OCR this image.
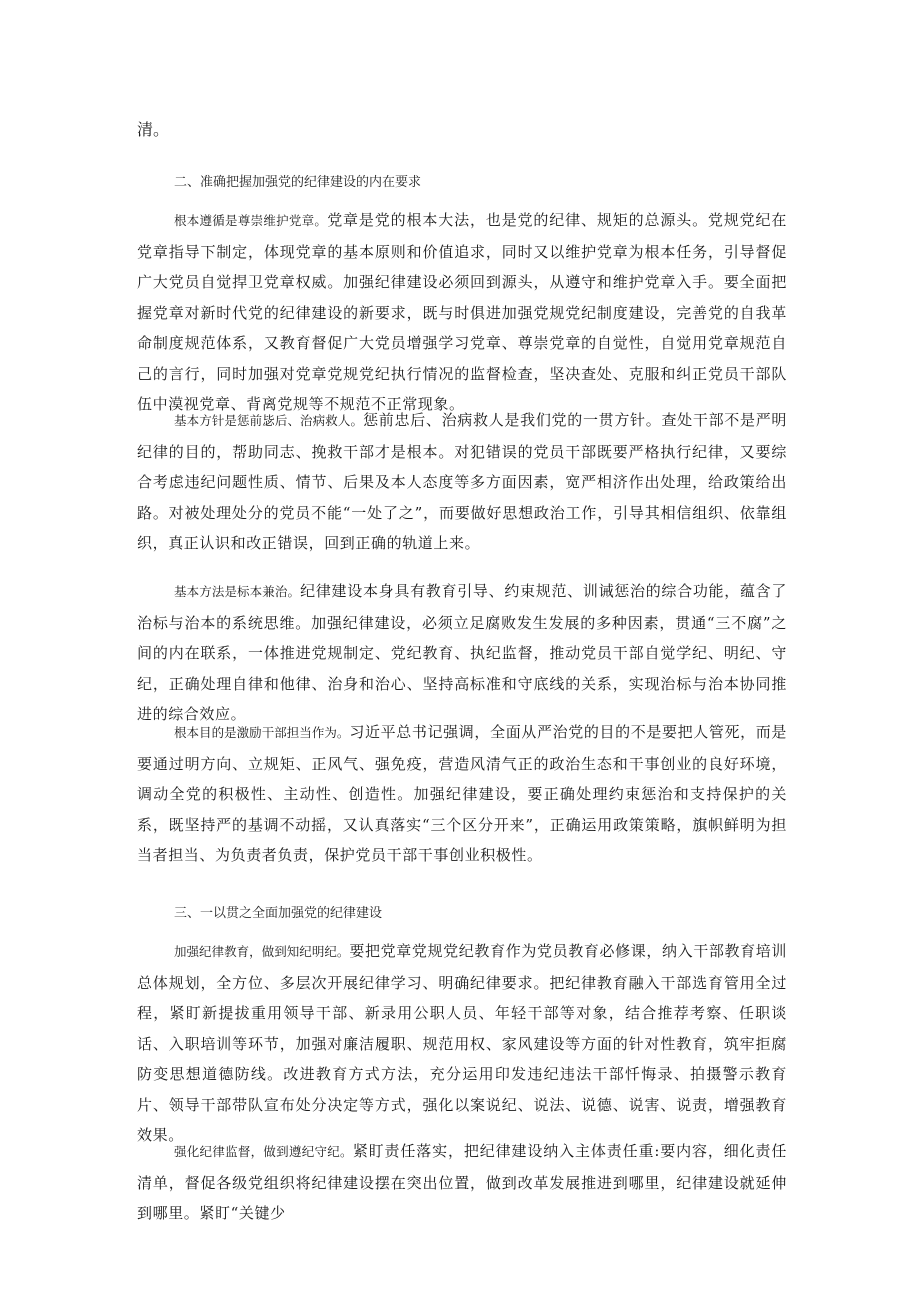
清。
二、准确把握加强党的纪律建设的内在要求

根本遵循是尊崇维护党章。党章是党的根本大法，也是党的纪律、规矩的总源头。党规党纪在党章指导下制定，体现党章的基本原则和价值追求，同时又以维护党章为根本任务，引导督促广大党员自觉捍卫党章权威。加强纪律建设必须回到源头，从遵守和维护党章入手。要全面把握党章对新时代党的纪律建设的新要求，既与时俱进加强党规党纪制度建设，完善党的自我革命制度规范体系，又教育督促广大党员增强学习党章、尊崇党章的自觉性，自觉用党章规范自己的言行，同时加强对党章党规党纪执行情况的监督检查，坚决查处、克服和纠正党员干部队伍中漠视党章、背离党规等不规范不正常现象。

基本方针是惩前毖后、治病救人。惩前忠后、治病救人是我们党的一贯方针。查处干部不是严明纪律的目的，帮助同志、挽救干部才是根本。对犯错误的党员干部既要严格执行纪律，又要综合考虑违纪问题性质、情节、后果及本人态度等多方面因素，宽严相济作出处理，给政策给出路。对被处理处分的党员不能“一处了之”，而要做好思想政治工作，引导其相信组织、依靠组织，真正认识和改正错误，回到正确的轨道上来。

基本方法是标本兼治。纪律建设本身具有教育引导、约束规范、训诫惩治的综合功能，蕴含了治标与治本的系统思维。加强纪律建设，必须立足腐败发生发展的多种因素，贯通“三不腐”之间的内在联系，一体推进党规制定、党纪教育、执纪监督，推动党员干部自觉学纪、明纪、守纪，正确处理自律和他律、治身和治心、坚持高标准和守底线的关系，实现治标与治本协同推进的综合效应。

根本目的是激励干部担当作为。习近平总书记强调，全面从严治党的目的不是要把人管死，而是要通过明方向、立规矩、正风气、强免疫，营造风清气正的政治生态和干事创业的良好环境，调动全党的积极性、主动性、创造性。加强纪律建设，要正确处理约束惩治和支持保护的关系，既坚持严的基调不动摇，又认真落实“三个区分开来”，正确运用政策策略，旗帜鲜明为担当者担当、为负责者负责，保护党员干部干事创业积极性。

三、一以贯之全面加强党的纪律建设

加强纪律教育，做到知纪明纪。要把党章党规党纪教育作为党员教育必修课，纳入干部教育培训总体规划，全方位、多层次开展纪律学习、明确纪律要求。把纪律教育融入干部选育管用全过程，紧盯新提拔重用领导干部、新录用公职人员、年轻干部等对象，结合推荐考察、任职谈话、入职培训等环节，加强对廉洁履职、规范用权、家风建设等方面的针对性教育，筑牢拒腐防变思想道德防线。改进教育方式方法，充分运用印发违纪违法干部忏悔录、拍摄警示教育片、领导干部带队宣布处分决定等方式，强化以案说纪、说法、说德、说害、说责，增强教育效果。

强化纪律监督，做到遵纪守纪。紧盯责任落实，把纪律建设纳入主体责任重:要内容，细化责任清单，督促各级党组织将纪律建设摆在突出位置，做到改革发展推进到哪里，纪律建设就延伸到哪里。紧盯“关键少
